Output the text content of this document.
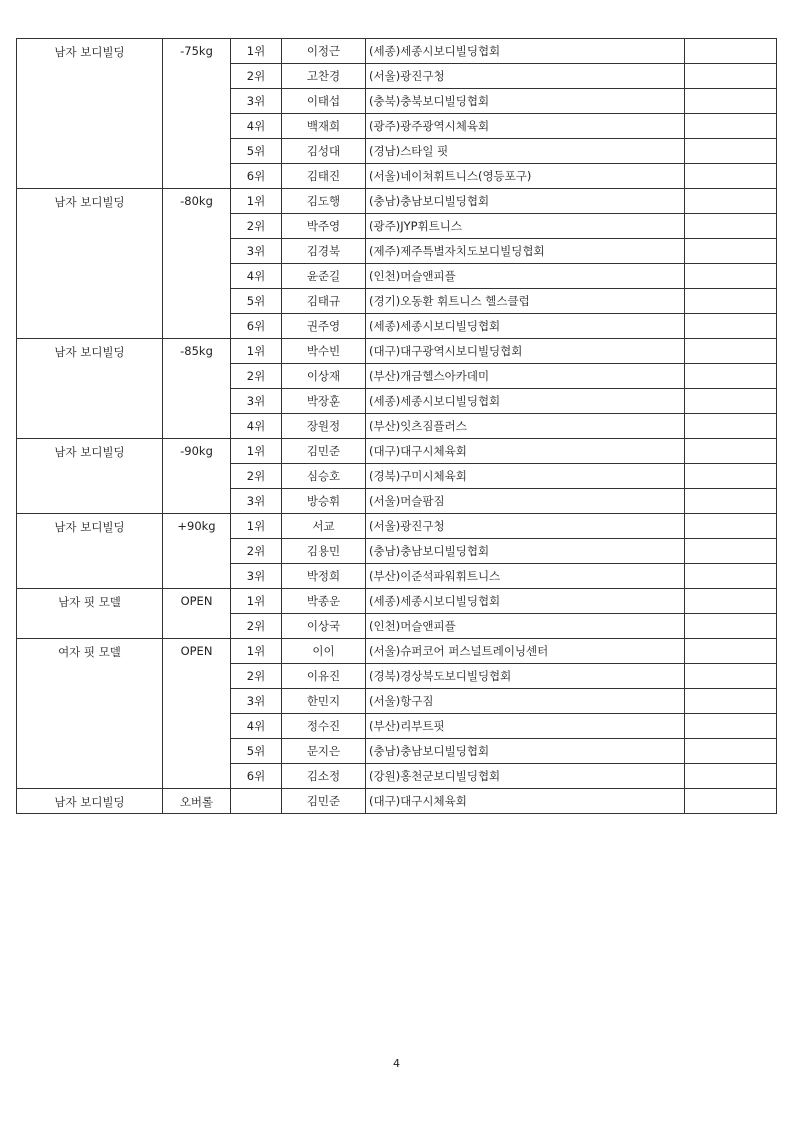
남자 보디빌딩	-75kg	1위	이정근	(세종)세종시보디빌딩협회	
		2위	고찬경	(서울)광진구청	
		3위	이태섭	(충북)충북보디빌딩협회	
		4위	백재희	(광주)광주광역시체육회	
		5위	김성대	(경남)스타일 핏	
		6위	김태진	(서울)네이쳐휘트니스(영등포구)	
남자 보디빌딩	-80kg	1위	김도행	(충남)충남보디빌딩협회	
		2위	박주영	(광주)JYP휘트니스	
		3위	김경북	(제주)제주특별자치도보디빌딩협회	
		4위	윤준길	(인천)머슬앤피플	
		5위	김태규	(경기)오동환 휘트니스 헬스클럽	
		6위	권주영	(세종)세종시보디빌딩협회	
남자 보디빌딩	-85kg	1위	박수빈	(대구)대구광역시보디빌딩협회	
		2위	이상재	(부산)개금헬스아카데미	
		3위	박장훈	(세종)세종시보디빌딩협회	
		4위	장원정	(부산)잇츠짐플러스	
남자 보디빌딩	-90kg	1위	김민준	(대구)대구시체육회	
		2위	심승호	(경북)구미시체육회	
		3위	방승휘	(서울)머슬팜짐	
남자 보디빌딩	+90kg	1위	서교	(서울)광진구청	
		2위	김용민	(충남)충남보디빌딩협회	
		3위	박정희	(부산)이준석파워휘트니스	
남자 핏 모델	OPEN	1위	박종운	(세종)세종시보디빌딩협회	
		2위	이상국	(인천)머슬앤피플	
여자 핏 모델	OPEN	1위	이이	(서울)슈퍼코어 퍼스널트레이닝센터	
		2위	이유진	(경북)경상북도보디빌딩협회	
		3위	한민지	(서울)항구짐	
		4위	정수진	(부산)리부트핏	
		5위	문지은	(충남)충남보디빌딩협회	
		6위	김소정	(강원)홍천군보디빌딩협회	
남자 보디빌딩	오버롤		김민준	(대구)대구시체육회	
4
